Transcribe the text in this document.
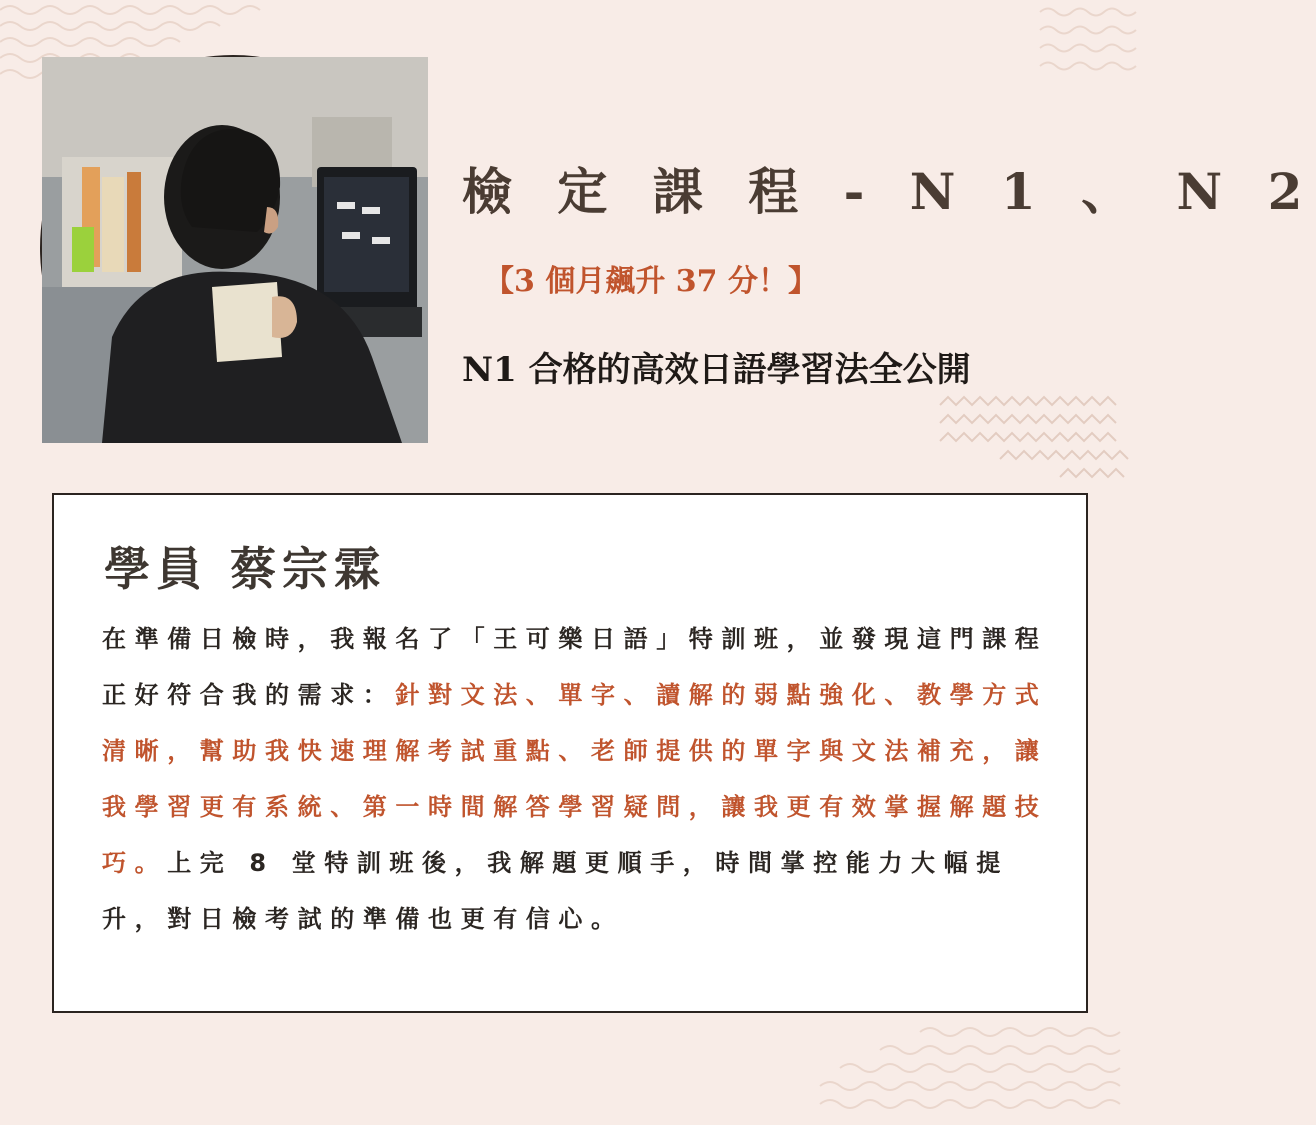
檢 定 課 程 - N 1 、 N 2
【3 個月飆升 37 分！】
N1 合格的高效日語學習法全公開
學員 蔡宗霖

在準備日檢時，我報名了「王可樂日語」特訓班，並發現這門課程正好符合我的需求：針對文法、單字、讀解的弱點強化、教學方式清晰，幫助我快速理解考試重點、老師提供的單字與文法補充，讓我學習更有系統、第一時間解答學習疑問，讓我更有效掌握解題技巧。上完 8 堂特訓班後，我解題更順手，時間掌控能力大幅提升，對日檢考試的準備也更有信心。
